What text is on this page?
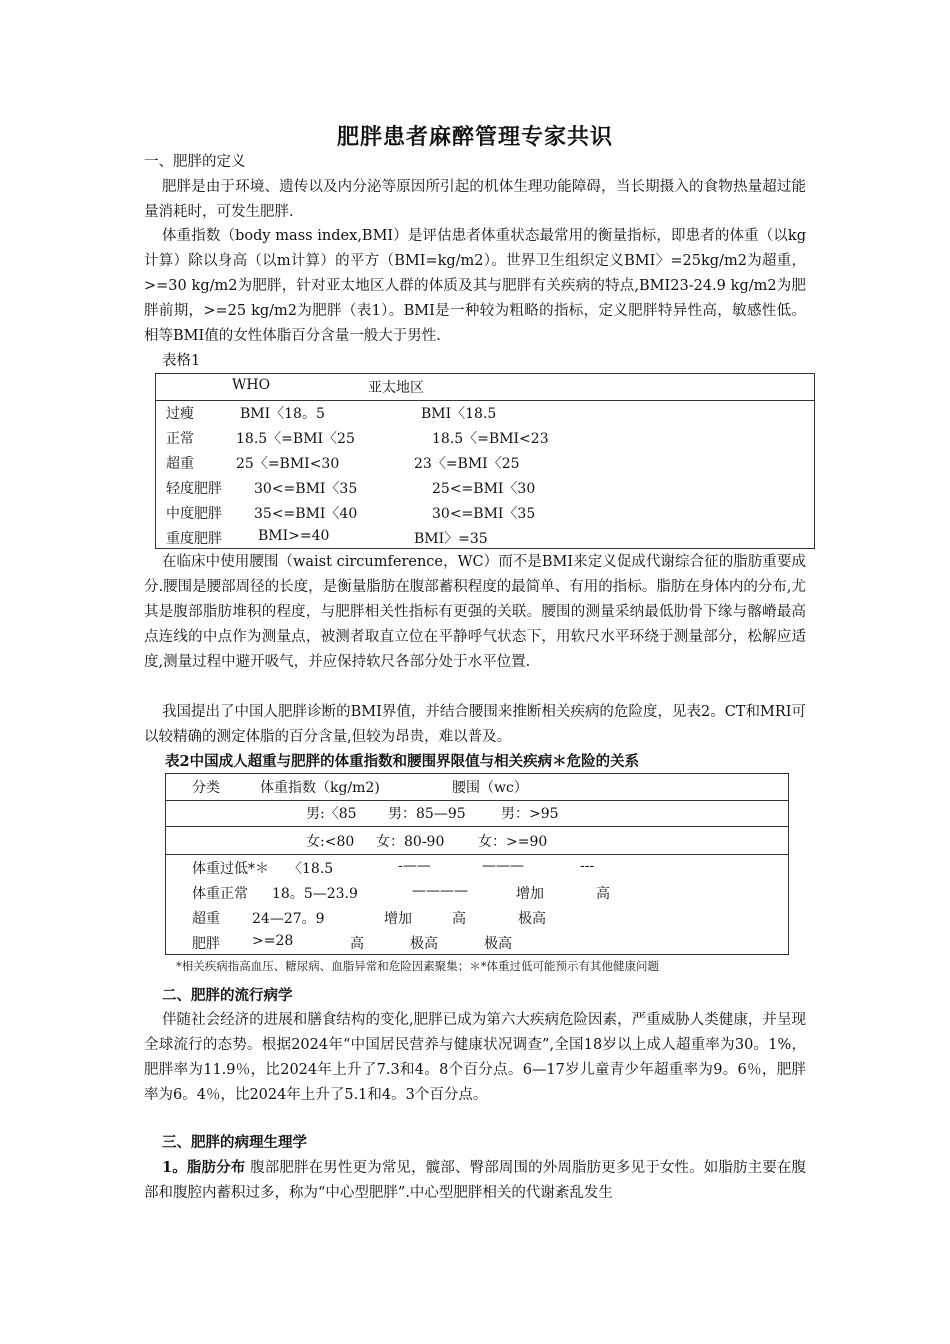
肥胖患者麻醉管理专家共识
一、肥胖的定义
肥胖是由于环境、遗传以及内分泌等原因所引起的机体生理功能障碍，当长期摄入的食物热量超过能量消耗时，可发生肥胖.
体重指数（body mass index,BMI）是评估患者体重状态最常用的衡量指标，即患者的体重（以kg计算）除以身高（以m计算）的平方（BMI=kg/m2）。世界卫生组织定义BMI〉=25kg/m2为超重，>=30 kg/m2为肥胖，针对亚太地区人群的体质及其与肥胖有关疾病的特点,BMI23-24.9 kg/m2为肥胖前期，>=25 kg/m2为肥胖（表1）。BMI是一种较为粗略的指标，定义肥胖特异性高，敏感性低。相等BMI值的女性体脂百分含量一般大于男性.
表格1
WHO	亚太地区
过瘦	BMI〈18。5	BMI〈18.5
正常	18.5〈=BMI〈25	18.5〈=BMI<23
超重	25〈=BMI<30	23〈=BMI〈25
轻度肥胖 30<=BMI〈35	25<=BMI〈30
中度肥胖 35<=BMI〈40	30<=BMI〈35
重度肥胖	BMI>=40	BMI〉=35
在临床中使用腰围（waist circumference，WC）而不是BMI来定义促成代谢综合征的脂肪重要成分.腰围是腰部周径的长度，是衡量脂肪在腹部蓄积程度的最简单、有用的指标。脂肪在身体内的分布,尤其是腹部脂肪堆积的程度，与肥胖相关性指标有更强的关联。腰围的测量采纳最低肋骨下缘与髂嵴最高点连线的中点作为测量点，被测者取直立位在平静呼气状态下，用软尺水平环绕于测量部分，松解应适度,测量过程中避开吸气，并应保持软尺各部分处于水平位置.
我国提出了中国人肥胖诊断的BMI界值，并结合腰围来推断相关疾病的危险度，见表2。CT和MRI可以较精确的测定体脂的百分含量,但较为昂贵，难以普及。
表2中国成人超重与肥胖的体重指数和腰围界限值与相关疾病＊危险的关系
分类	体重指数（kg/m2)	腰围（wc）
男:〈85 男：85—95	男：>95
女:<80 女：80-90 女：>=90
体重过低*＊ 〈18.5	-——	———	---
体重正常 18。5—23.9	————	增加	高
超重 24—27。9	增加	高	极高
肥胖 >=28	高	极高	极高
*相关疾病指高血压、糖尿病、血脂异常和危险因素聚集；＊*体重过低可能预示有其他健康问题
二、肥胖的流行病学
伴随社会经济的进展和膳食结构的变化,肥胖已成为第六大疾病危险因素，严重威胁人类健康，并呈现全球流行的态势。根据2024年“中国居民营养与健康状况调查”,全国18岁以上成人超重率为30。1%，肥胖率为11.9％，比2024年上升了7.3和4。8个百分点。6—17岁儿童青少年超重率为9。6％，肥胖率为6。4％，比2024年上升了5.1和4。3个百分点。
三、肥胖的病理生理学
1。脂肪分布 腹部肥胖在男性更为常见，髋部、臀部周围的外周脂肪更多见于女性。如脂肪主要在腹部和腹腔内蓄积过多，称为“中心型肥胖”.中心型肥胖相关的代谢紊乱发生
